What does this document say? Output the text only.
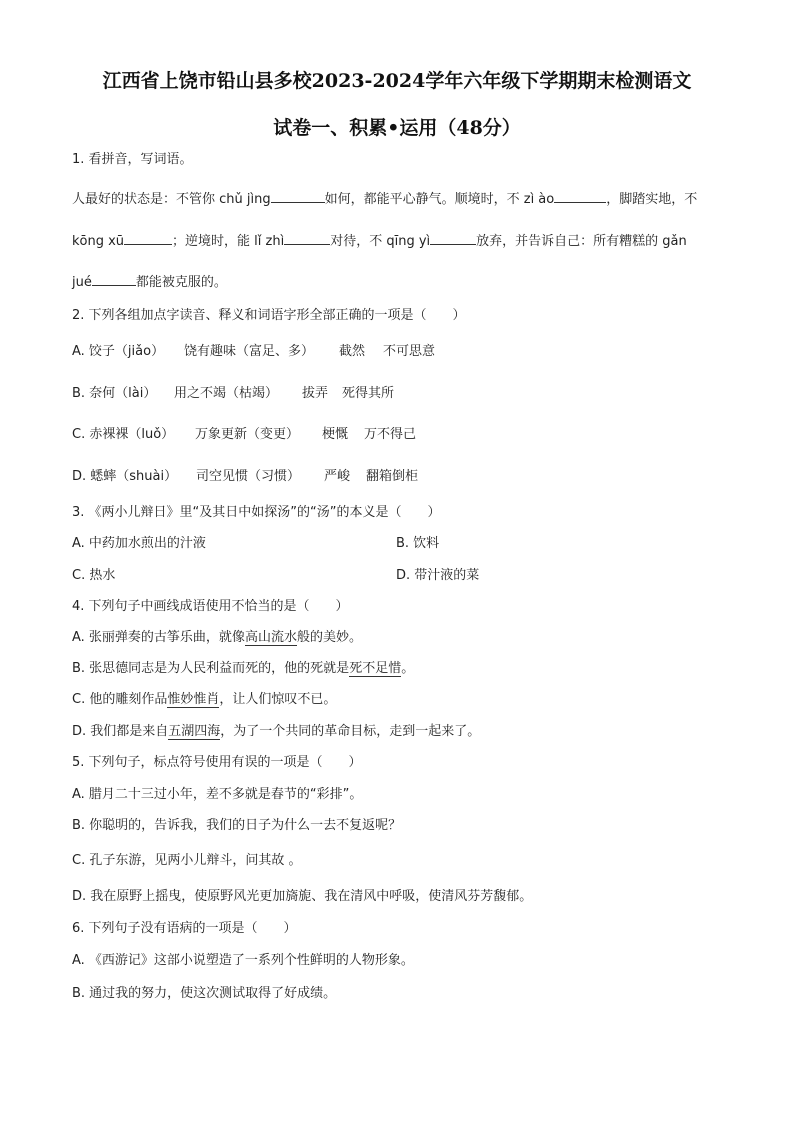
江西省上饶市铅山县多校2023-2024学年六年级下学期期末检测语文
试卷一、积累•运用（48分）
1. 看拼音，写词语。
人最好的状态是：不管你 chǔ jìng	如何，都能平心静气。顺境时，不 zì ào	，脚踏实地，不
kōng xū	；逆境时，能 lǐ zhì	对待，不 qīng yì	放弃，并告诉自己：所有糟糕的 gǎn
jué	都能被克服的。
2. 下列各组加点字读音、释义和词语字形全部正确的一项是（　　）
A. 饺子（jiǎo） 饶有趣味（富足、多） 截然 不可思意
B. 奈何（lài） 用之不竭（枯竭） 拔弄 死得其所
C. 赤裸裸（luǒ） 万象更新（变更） 梗慨 万不得己
D. 蟋蟀（shuài） 司空见惯（习惯） 严峻 翻箱倒柜
3. 《两小儿辩日》里“及其日中如探汤”的“汤”的本义是（　　）
A. 中药加水煎出的汁液	B. 饮料
C. 热水	D. 带汁液的菜
4. 下列句子中画线成语使用不恰当的是（　　）
A. 张丽弹奏的古筝乐曲，就像高山流水般的美妙。
B. 张思德同志是为人民利益而死的，他的死就是死不足惜。
C. 他的雕刻作品惟妙惟肖，让人们惊叹不已。
D. 我们都是来自五湖四海，为了一个共同的革命目标，走到一起来了。
5. 下列句子，标点符号使用有误的一项是（　　）
A. 腊月二十三过小年，差不多就是春节的“彩排”。
B. 你聪明的，告诉我，我们的日子为什么一去不复返呢？
C. 孔子东游，见两小儿辩斗，问其故 。
D. 我在原野上摇曳，使原野风光更加旖旎、我在清风中呼吸，使清风芬芳馥郁。
6. 下列句子没有语病的一项是（　　）
A. 《西游记》这部小说塑造了一系列个性鲜明的人物形象。
B. 通过我的努力，使这次测试取得了好成绩。
